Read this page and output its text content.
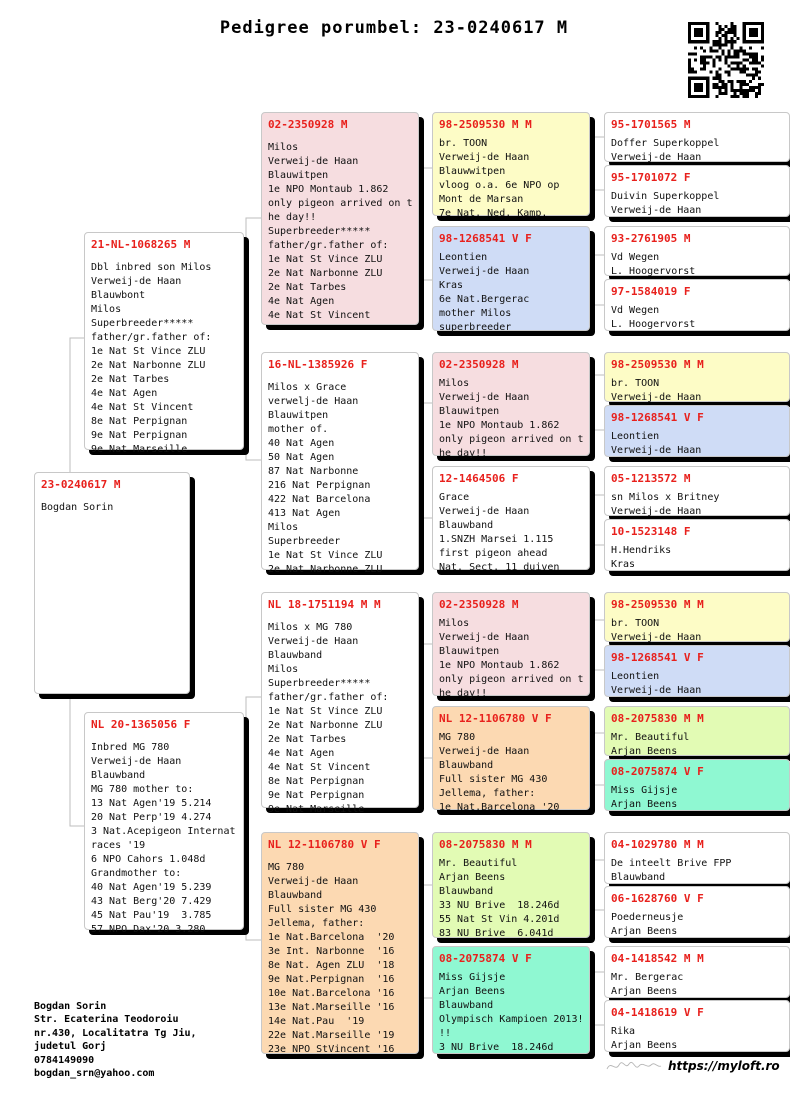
Pedigree porumbel: 23-0240617 M
23-0240617 M
Bogdan Sorin
21-NL-1068265 M
Dbl inbred son Milos
Verweij-de Haan
Blauwbont
Milos
Superbreeder*****
father/gr.father of:
1e Nat St Vince ZLU
2e Nat Narbonne ZLU
2e Nat Tarbes
4e Nat Agen
4e Nat St Vincent
8e Nat Perpignan
9e Nat Perpignan
9e Nat Marseille
NL 20-1365056 F
Inbred MG 780
Verweij-de Haan
Blauwband
MG 780 mother to:
13 Nat Agen'19 5.214
20 Nat Perp'19 4.274
3 Nat.Acepigeon Internat
races '19
6 NPO Cahors 1.048d
Grandmother to:
40 Nat Agen'19 5.239
43 Nat Berg'20 7.429
45 Nat Pau'19  3.785
57 NPO Dax'20 3.280
02-2350928 M
Milos
Verweij-de Haan
Blauwitpen
1e NPO Montaub 1.862
only pigeon arrived on t
he day!!
Superbreeder*****
father/gr.father of:
1e Nat St Vince ZLU
2e Nat Narbonne ZLU
2e Nat Tarbes
4e Nat Agen
4e Nat St Vincent
16-NL-1385926 F
Milos x Grace
verwelj-de Haan
Blauwitpen
mother of.
40 Nat Agen
50 Nat Agen
87 Nat Narbonne
216 Nat Perpignan
422 Nat Barcelona
413 Nat Agen
Milos
Superbreeder
1e Nat St Vince ZLU
2e Nat Narbonne ZLU
NL 18-1751194 M M
Milos x MG 780
Verweij-de Haan
Blauwband
Milos
Superbreeder*****
father/gr.father of:
1e Nat St Vince ZLU
2e Nat Narbonne ZLU
2e Nat Tarbes
4e Nat Agen
4e Nat St Vincent
8e Nat Perpignan
9e Nat Perpignan
9e Nat Marseille
NL 12-1106780 V F
MG 780
Verweij-de Haan
Blauwband
Full sister MG 430
Jellema, father:
1e Nat.Barcelona  '20
3e Int. Narbonne  '16
8e Nat. Agen ZLU  '18
9e Nat.Perpignan  '16
10e Nat.Barcelona '16
13e Nat.Marseille '16
14e Nat.Pau  '19
22e Nat.Marseille '19
23e NPO StVincent '16
98-2509530 M M
br. TOON
Verweij-de Haan
Blauwwitpen
vloog o.a. 6e NPO op
Mont de Marsan
7e Nat. Ned. Kamp.
98-1268541 V F
Leontien
Verweij-de Haan
Kras
6e Nat.Bergerac
mother Milos
superbreeder
02-2350928 M
Milos
Verweij-de Haan
Blauwitpen
1e NPO Montaub 1.862
only pigeon arrived on t
he day!!
12-1464506 F
Grace
Verweij-de Haan
Blauwband
1.SNZH Marsei 1.115
first pigeon ahead
Nat. Sect. 11 duiven
02-2350928 M
Milos
Verweij-de Haan
Blauwitpen
1e NPO Montaub 1.862
only pigeon arrived on t
he day!!
NL 12-1106780 V F
MG 780
Verweij-de Haan
Blauwband
Full sister MG 430
Jellema, father:
1e Nat.Barcelona '20
08-2075830 M M
Mr. Beautiful
Arjan Beens
Blauwband
33 NU Brive  18.246d
55 Nat St Vin 4.201d
83 NU Brive  6.041d
08-2075874 V F
Miss Gijsje
Arjan Beens
Blauwband
Olympisch Kampioen 2013!
!!
3 NU Brive  18.246d
95-1701565 M
Doffer Superkoppel
Verweij-de Haan
95-1701072 F
Duivin Superkoppel
Verweij-de Haan
93-2761905 M
Vd Wegen
L. Hoogervorst
97-1584019 F
Vd Wegen
L. Hoogervorst
98-2509530 M M
br. TOON
Verweij-de Haan
98-1268541 V F
Leontien
Verweij-de Haan
05-1213572 M
sn Milos x Britney
Verweij-de Haan
10-1523148 F
H.Hendriks
Kras
98-2509530 M M
br. TOON
Verweij-de Haan
98-1268541 V F
Leontien
Verweij-de Haan
08-2075830 M M
Mr. Beautiful
Arjan Beens
08-2075874 V F
Miss Gijsje
Arjan Beens
04-1029780 M M
De inteelt Brive FPP
Blauwband
06-1628760 V F
Poederneusje
Arjan Beens
04-1418542 M M
Mr. Bergerac
Arjan Beens
04-1418619 V F
Rika
Arjan Beens
Bogdan Sorin
Str. Ecaterina Teodoroiu
nr.430, Localitatra Tg Jiu,
judetul Gorj
0784149090
bogdan_srn@yahoo.com
https://myloft.ro
